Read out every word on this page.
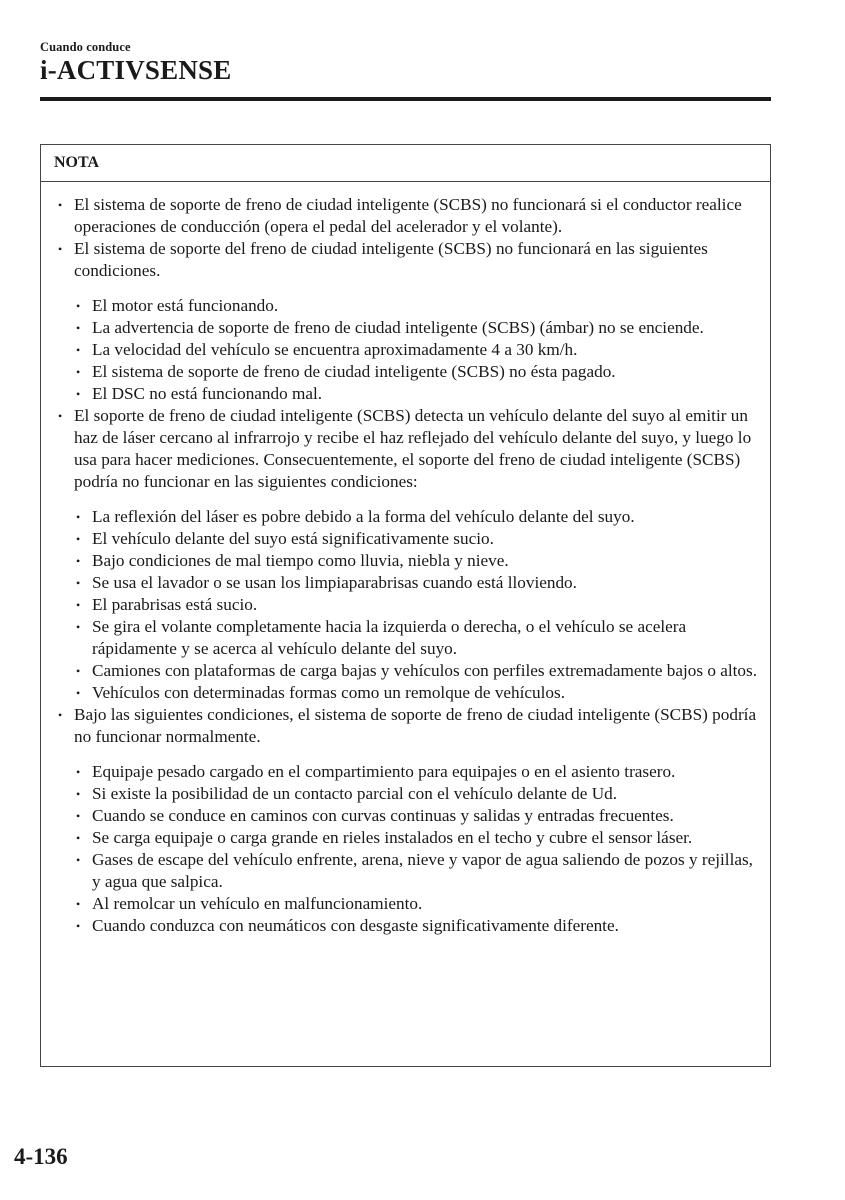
Cuando conduce
i-ACTIVSENSE
NOTA
• El sistema de soporte de freno de ciudad inteligente (SCBS) no funcionará si el conductor realice operaciones de conducción (opera el pedal del acelerador y el volante).
• El sistema de soporte del freno de ciudad inteligente (SCBS) no funcionará en las siguientes condiciones.
• El motor está funcionando.
• La advertencia de soporte de freno de ciudad inteligente (SCBS) (ámbar) no se enciende.
• La velocidad del vehículo se encuentra aproximadamente 4 a 30 km/h.
• El sistema de soporte de freno de ciudad inteligente (SCBS) no ésta pagado.
• El DSC no está funcionando mal.
• El soporte de freno de ciudad inteligente (SCBS) detecta un vehículo delante del suyo al emitir un haz de láser cercano al infrarrojo y recibe el haz reflejado del vehículo delante del suyo, y luego lo usa para hacer mediciones. Consecuentemente, el soporte del freno de ciudad inteligente (SCBS) podría no funcionar en las siguientes condiciones:
• La reflexión del láser es pobre debido a la forma del vehículo delante del suyo.
• El vehículo delante del suyo está significativamente sucio.
• Bajo condiciones de mal tiempo como lluvia, niebla y nieve.
• Se usa el lavador o se usan los limpiaparabrisas cuando está lloviendo.
• El parabrisas está sucio.
• Se gira el volante completamente hacia la izquierda o derecha, o el vehículo se acelera rápidamente y se acerca al vehículo delante del suyo.
• Camiones con plataformas de carga bajas y vehículos con perfiles extremadamente bajos o altos.
• Vehículos con determinadas formas como un remolque de vehículos.
• Bajo las siguientes condiciones, el sistema de soporte de freno de ciudad inteligente (SCBS) podría no funcionar normalmente.
• Equipaje pesado cargado en el compartimiento para equipajes o en el asiento trasero.
• Si existe la posibilidad de un contacto parcial con el vehículo delante de Ud.
• Cuando se conduce en caminos con curvas continuas y salidas y entradas frecuentes.
• Se carga equipaje o carga grande en rieles instalados en el techo y cubre el sensor láser.
• Gases de escape del vehículo enfrente, arena, nieve y vapor de agua saliendo de pozos y rejillas, y agua que salpica.
• Al remolcar un vehículo en malfuncionamiento.
• Cuando conduzca con neumáticos con desgaste significativamente diferente.
4-136
